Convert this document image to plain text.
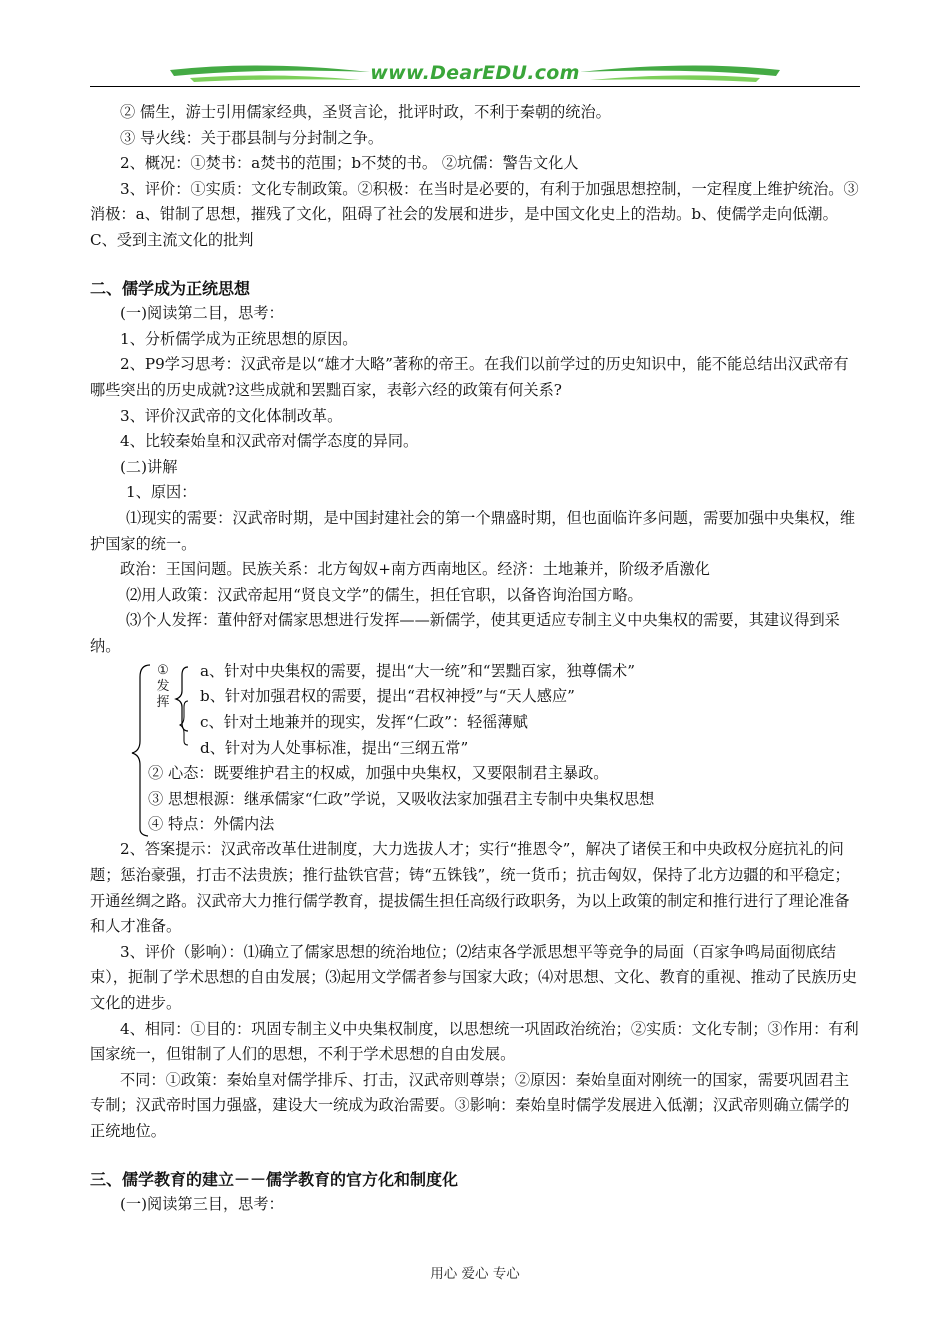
www.DearEDU.com

② 儒生，游士引用儒家经典，圣贤言论，批评时政，不利于秦朝的统治。

③ 导火线：关于郡县制与分封制之争。

2、概况：①焚书：a焚书的范围；b不焚的书。 ②坑儒：警告文化人

3、评价：①实质：文化专制政策。②积极：在当时是必要的，有利于加强思想控制，一定程度上维护统治。③消极：a、钳制了思想，摧残了文化，阻碍了社会的发展和进步，是中国文化史上的浩劫。b、使儒学走向低潮。C、受到主流文化的批判

二、儒学成为正统思想

(一)阅读第二目，思考：

1、分析儒学成为正统思想的原因。

2、P9学习思考：汉武帝是以“雄才大略”著称的帝王。在我们以前学过的历史知识中，能不能总结出汉武帝有哪些突出的历史成就?这些成就和罢黜百家，表彰六经的政策有何关系?

3、评价汉武帝的文化体制改革。

4、比较秦始皇和汉武帝对儒学态度的异同。

(二)讲解

1、原因：

⑴现实的需要：汉武帝时期，是中国封建社会的第一个鼎盛时期，但也面临许多问题，需要加强中央集权，维护国家的统一。

政治：王国问题。民族关系：北方匈奴+南方西南地区。经济：土地兼并，阶级矛盾激化

⑵用人政策：汉武帝起用“贤良文学”的儒生，担任官职，以备咨询治国方略。

⑶个人发挥：董仲舒对儒家思想进行发挥——新儒学，使其更适应专制主义中央集权的需要，其建议得到采纳。

①
发
挥
a、针对中央集权的需要，提出“大一统”和“罢黜百家，独尊儒术”
b、针对加强君权的需要，提出“君权神授”与“天人感应”
c、针对土地兼并的现实，发挥“仁政”：轻徭薄赋
d、针对为人处事标准，提出“三纲五常”
② 心态：既要维护君主的权威，加强中央集权，又要限制君主暴政。
③ 思想根源：继承儒家“仁政”学说，又吸收法家加强君主专制中央集权思想
④ 特点：外儒内法

2、答案提示：汉武帝改革仕进制度，大力选拔人才；实行“推恩令”，解决了诸侯王和中央政权分庭抗礼的问题；惩治豪强，打击不法贵族；推行盐铁官营；铸“五铢钱”，统一货币；抗击匈奴，保持了北方边疆的和平稳定；开通丝绸之路。汉武帝大力推行儒学教育，提拔儒生担任高级行政职务，为以上政策的制定和推行进行了理论准备和人才准备。

3、评价（影响）：⑴确立了儒家思想的统治地位；⑵结束各学派思想平等竞争的局面（百家争鸣局面彻底结束），扼制了学术思想的自由发展；⑶起用文学儒者参与国家大政；⑷对思想、文化、教育的重视、推动了民族历史文化的进步。

4、相同：①目的：巩固专制主义中央集权制度，以思想统一巩固政治统治；②实质：文化专制；③作用：有利国家统一，但钳制了人们的思想，不利于学术思想的自由发展。

不同：①政策：秦始皇对儒学排斥、打击，汉武帝则尊崇；②原因：秦始皇面对刚统一的国家，需要巩固君主专制；汉武帝时国力强盛，建设大一统成为政治需要。③影响：秦始皇时儒学发展进入低潮；汉武帝则确立儒学的正统地位。

三、儒学教育的建立－－儒学教育的官方化和制度化

(一)阅读第三目，思考：

用心 爱心 专心
